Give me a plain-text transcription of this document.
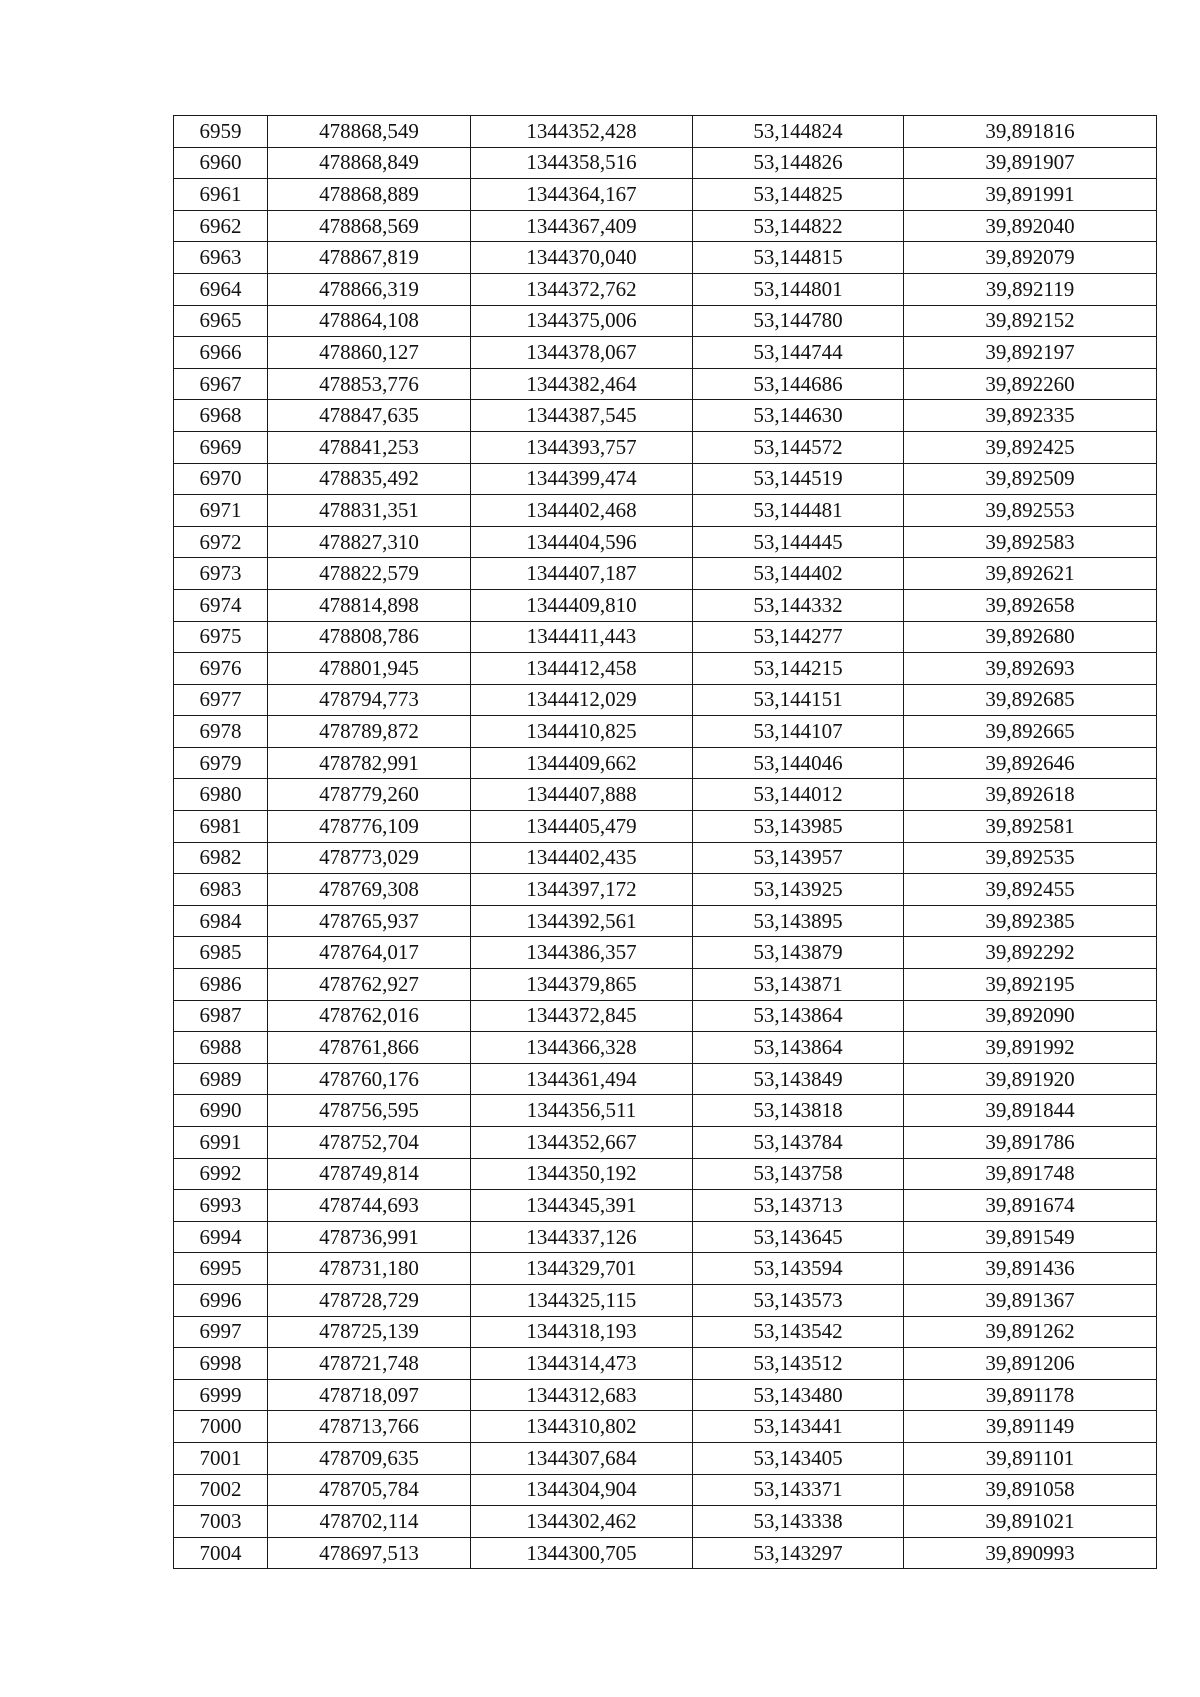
6959	478868,549	1344352,428	53,144824	39,891816
6960	478868,849	1344358,516	53,144826	39,891907
6961	478868,889	1344364,167	53,144825	39,891991
6962	478868,569	1344367,409	53,144822	39,892040
6963	478867,819	1344370,040	53,144815	39,892079
6964	478866,319	1344372,762	53,144801	39,892119
6965	478864,108	1344375,006	53,144780	39,892152
6966	478860,127	1344378,067	53,144744	39,892197
6967	478853,776	1344382,464	53,144686	39,892260
6968	478847,635	1344387,545	53,144630	39,892335
6969	478841,253	1344393,757	53,144572	39,892425
6970	478835,492	1344399,474	53,144519	39,892509
6971	478831,351	1344402,468	53,144481	39,892553
6972	478827,310	1344404,596	53,144445	39,892583
6973	478822,579	1344407,187	53,144402	39,892621
6974	478814,898	1344409,810	53,144332	39,892658
6975	478808,786	1344411,443	53,144277	39,892680
6976	478801,945	1344412,458	53,144215	39,892693
6977	478794,773	1344412,029	53,144151	39,892685
6978	478789,872	1344410,825	53,144107	39,892665
6979	478782,991	1344409,662	53,144046	39,892646
6980	478779,260	1344407,888	53,144012	39,892618
6981	478776,109	1344405,479	53,143985	39,892581
6982	478773,029	1344402,435	53,143957	39,892535
6983	478769,308	1344397,172	53,143925	39,892455
6984	478765,937	1344392,561	53,143895	39,892385
6985	478764,017	1344386,357	53,143879	39,892292
6986	478762,927	1344379,865	53,143871	39,892195
6987	478762,016	1344372,845	53,143864	39,892090
6988	478761,866	1344366,328	53,143864	39,891992
6989	478760,176	1344361,494	53,143849	39,891920
6990	478756,595	1344356,511	53,143818	39,891844
6991	478752,704	1344352,667	53,143784	39,891786
6992	478749,814	1344350,192	53,143758	39,891748
6993	478744,693	1344345,391	53,143713	39,891674
6994	478736,991	1344337,126	53,143645	39,891549
6995	478731,180	1344329,701	53,143594	39,891436
6996	478728,729	1344325,115	53,143573	39,891367
6997	478725,139	1344318,193	53,143542	39,891262
6998	478721,748	1344314,473	53,143512	39,891206
6999	478718,097	1344312,683	53,143480	39,891178
7000	478713,766	1344310,802	53,143441	39,891149
7001	478709,635	1344307,684	53,143405	39,891101
7002	478705,784	1344304,904	53,143371	39,891058
7003	478702,114	1344302,462	53,143338	39,891021
7004	478697,513	1344300,705	53,143297	39,890993
